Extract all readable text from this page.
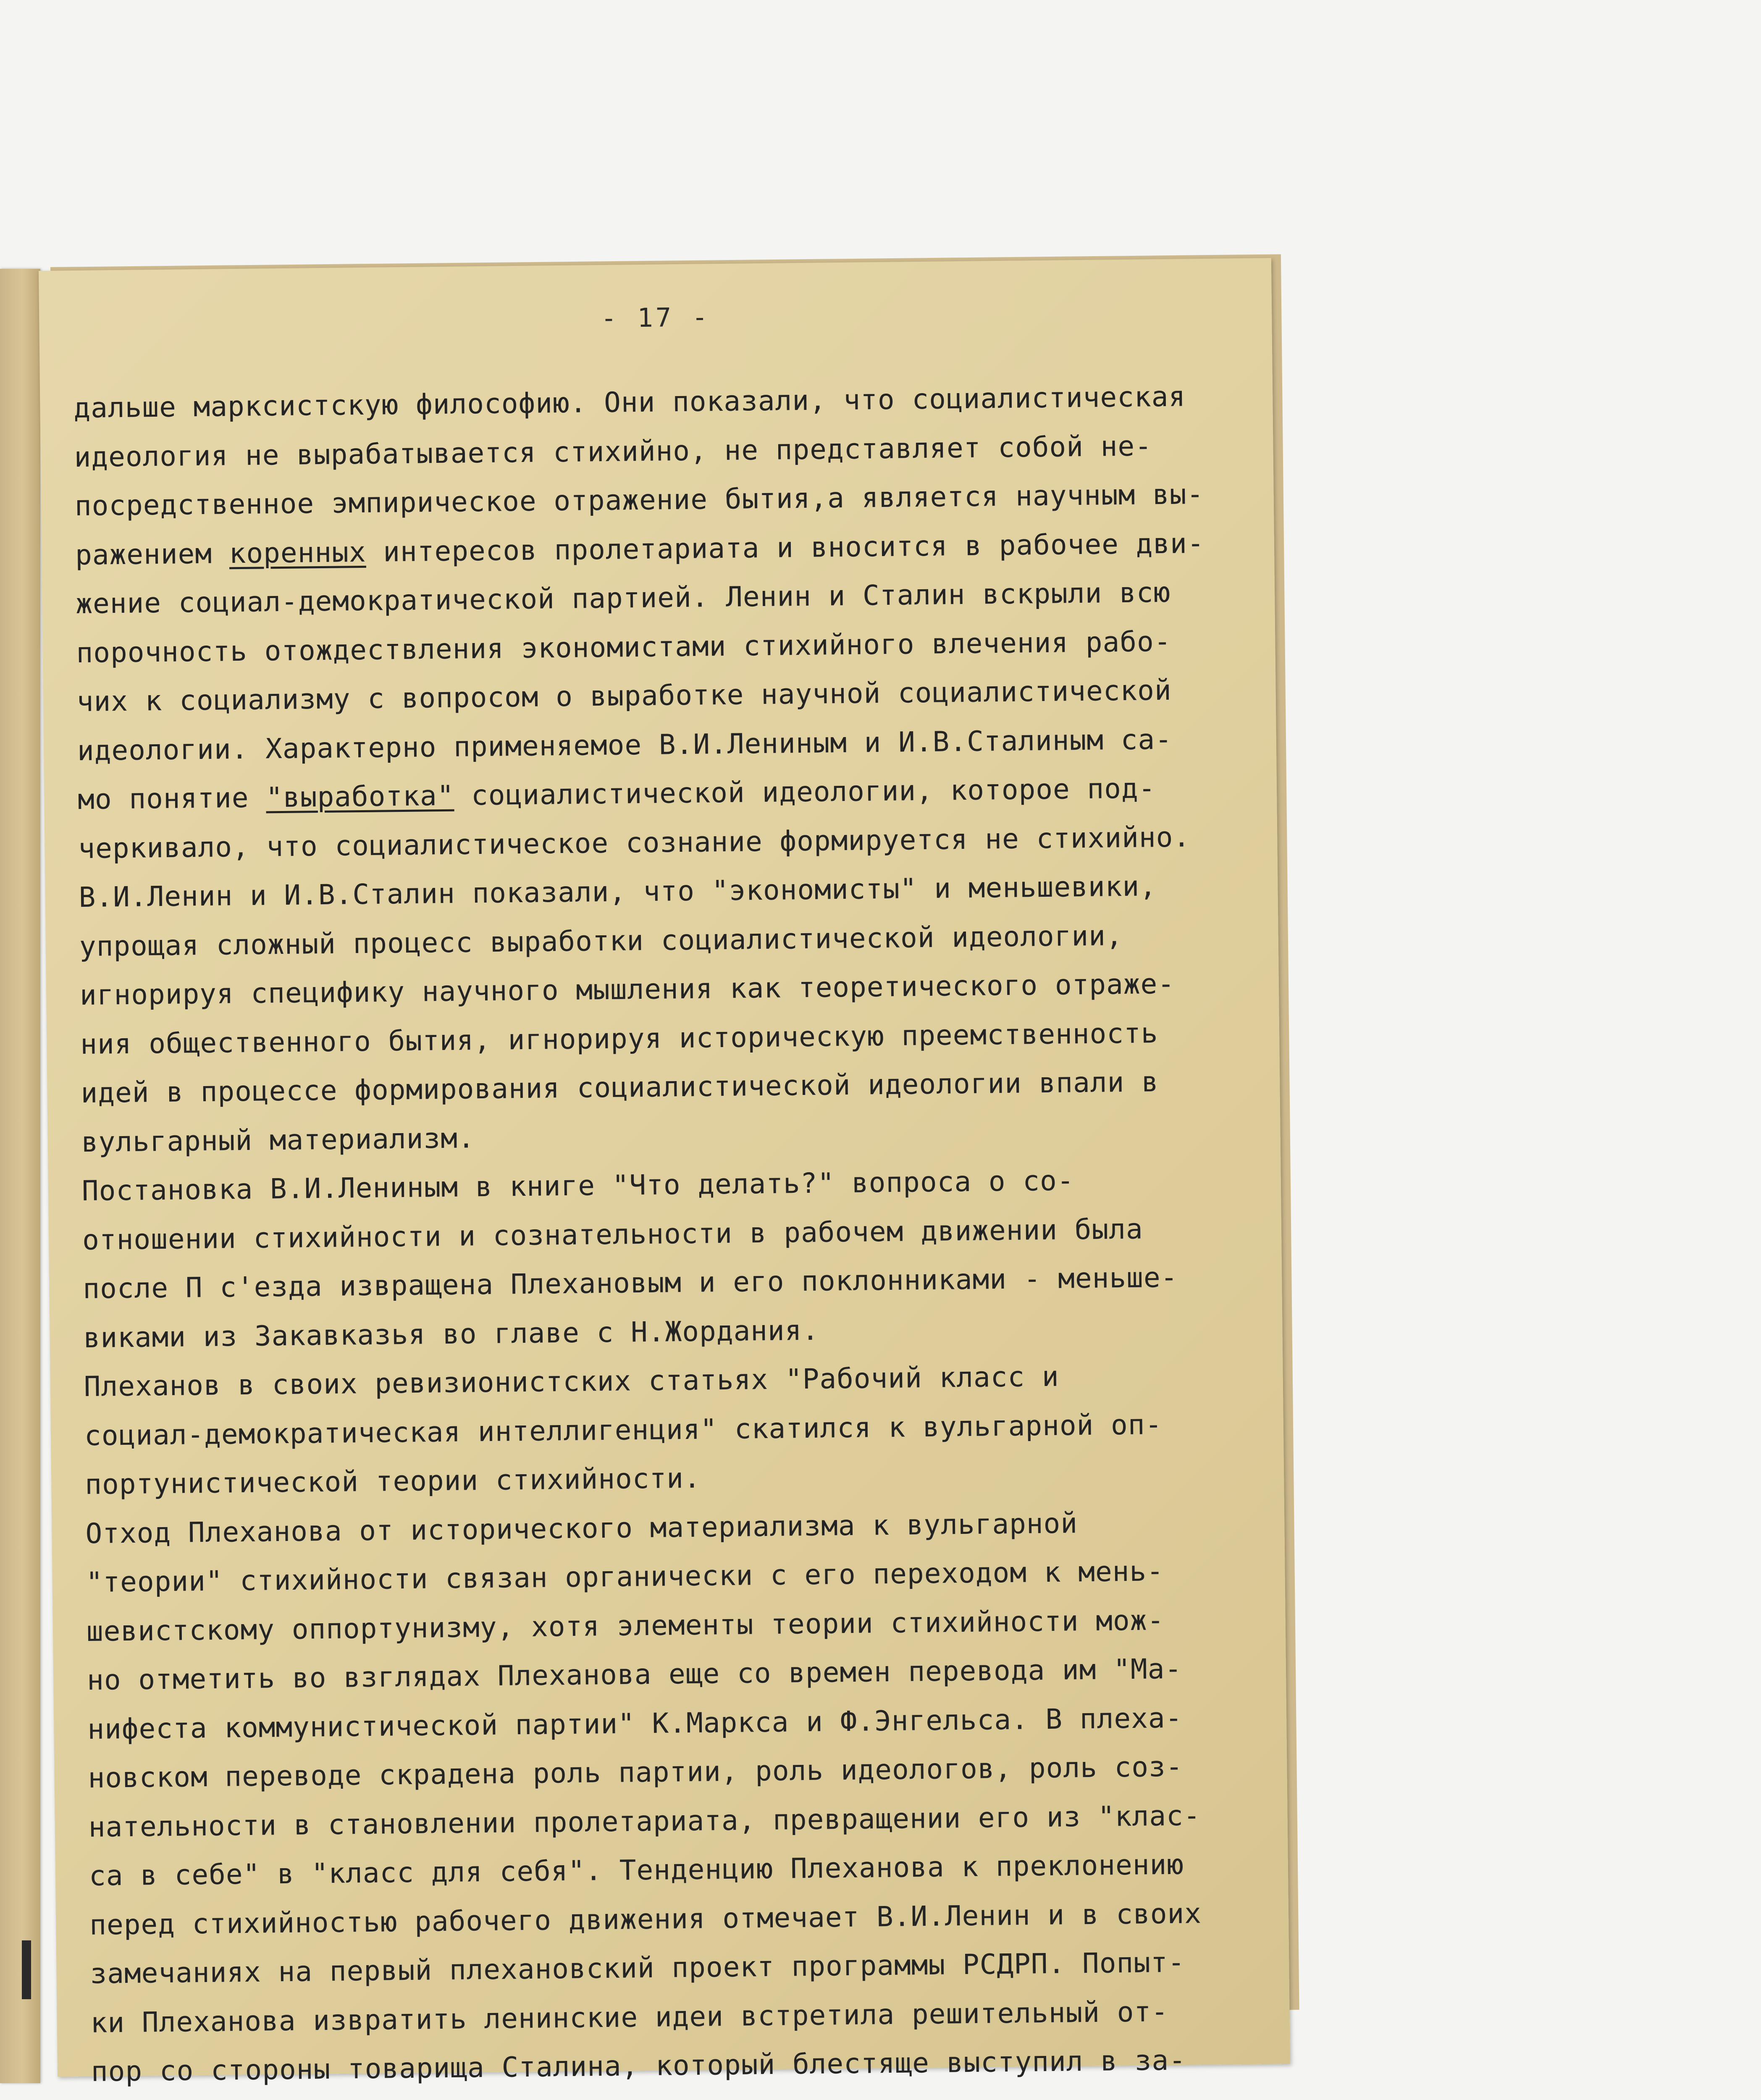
- 17 -
дальше марксистскую философию. Они показали, что социалистическая
идеология не вырабатывается стихийно, не представляет собой не-
посредственное эмпирическое отражение бытия,а является научным вы-
ражением коренных интересов пролетариата и вносится в рабочее дви-
жение социал-демократической партией. Ленин и Сталин вскрыли всю
порочность отождествления экономистами стихийного влечения рабо-
чих к социализму с вопросом о выработке научной социалистической
идеологии. Характерно применяемое В.И.Лениным и И.В.Сталиным са-
мо понятие "выработка" социалистической идеологии, которое под-
черкивало, что социалистическое сознание формируется не стихийно.
В.И.Ленин и И.В.Сталин показали, что "экономисты" и меньшевики,
упрощая сложный процесс выработки социалистической идеологии,
игнорируя специфику научного мышления как теоретического отраже-
ния общественного бытия, игнорируя историческую преемственность
идей в процессе формирования социалистической идеологии впали в
вульгарный материализм.
Постановка В.И.Лениным в книге "Что делать?" вопроса о со-
отношении стихийности и сознательности в рабочем движении была
после П с'езда извращена Плехановым и его поклонниками - меньше-
виками из Закавказья во главе с Н.Жордания.
Плеханов в своих ревизионистских статьях "Рабочий класс и
социал-демократическая интеллигенция" скатился к вульгарной оп-
портунистической теории стихийности.
Отход Плеханова от исторического материализма к вульгарной
"теории" стихийности связан органически с его переходом к мень-
шевистскому оппортунизму, хотя элементы теории стихийности мож-
но отметить во взглядах Плеханова еще со времен перевода им "Ма-
нифеста коммунистической партии" К.Маркса и Ф.Энгельса. В плеха-
новском переводе скрадена роль партии, роль идеологов, роль соз-
нательности в становлении пролетариата, превращении его из "клас-
са в себе" в "класс для себя". Тенденцию Плеханова к преклонению
перед стихийностью рабочего движения отмечает В.И.Ленин и в своих
замечаниях на первый плехановский проект программы РСДРП. Попыт-
ки Плеханова извратить ленинские идеи встретила решительный от-
пор со стороны товарища Сталина, который блестяще выступил в за-
